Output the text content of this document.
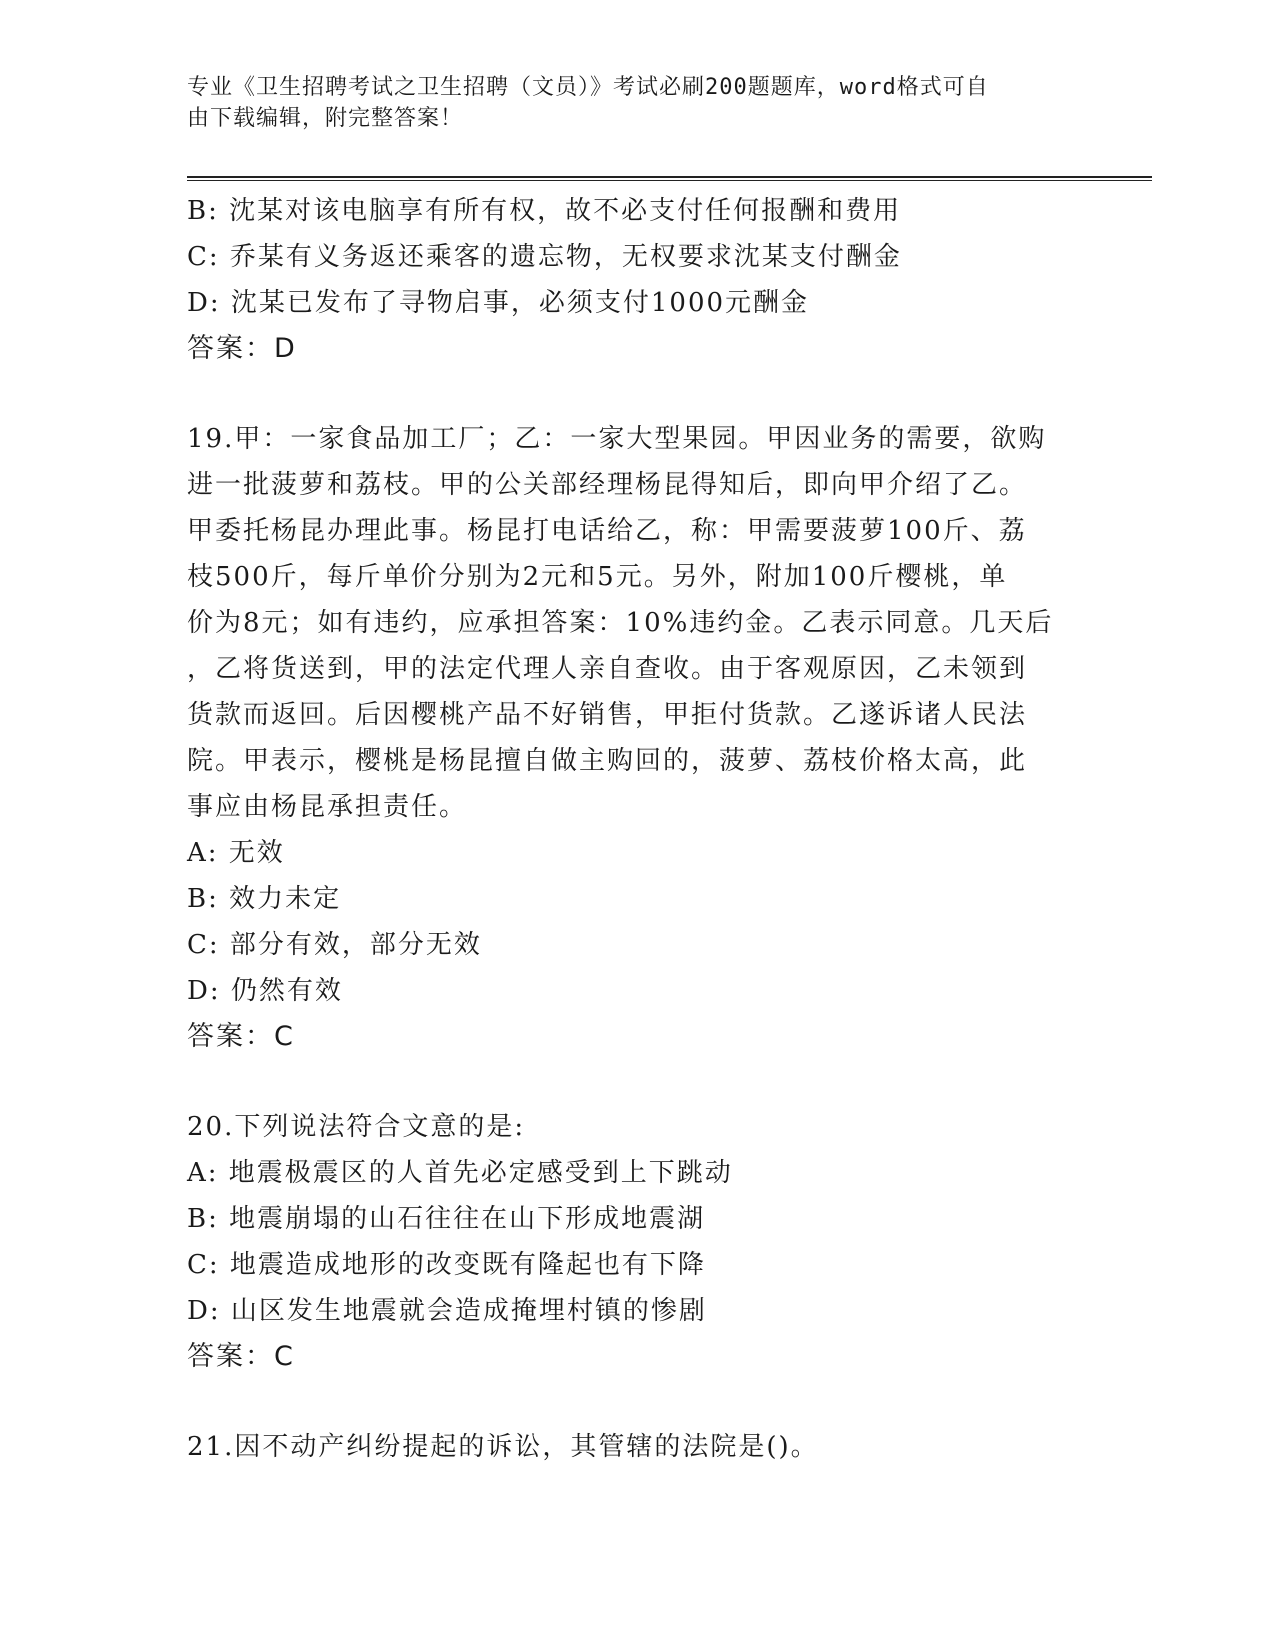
专业《卫生招聘考试之卫生招聘（文员）》考试必刷200题题库，word格式可自
由下载编辑，附完整答案！
B: 沈某对该电脑享有所有权，故不必支付任何报酬和费用
C: 乔某有义务返还乘客的遗忘物，无权要求沈某支付酬金
D: 沈某已发布了寻物启事，必须支付1000元酬金
答案：D
19.甲：一家食品加工厂；乙：一家大型果园。甲因业务的需要，欲购
进一批菠萝和荔枝。甲的公关部经理杨昆得知后，即向甲介绍了乙。
甲委托杨昆办理此事。杨昆打电话给乙，称：甲需要菠萝100斤、荔
枝500斤，每斤单价分别为2元和5元。另外，附加100斤樱桃，单
价为8元；如有违约，应承担答案：10%违约金。乙表示同意。几天后
，乙将货送到，甲的法定代理人亲自查收。由于客观原因，乙未领到
货款而返回。后因樱桃产品不好销售，甲拒付货款。乙遂诉诸人民法
院。甲表示，樱桃是杨昆擅自做主购回的，菠萝、荔枝价格太高，此
事应由杨昆承担责任。
A: 无效
B: 效力未定
C: 部分有效，部分无效
D: 仍然有效
答案：C
20.下列说法符合文意的是:
A: 地震极震区的人首先必定感受到上下跳动
B: 地震崩塌的山石往往在山下形成地震湖
C: 地震造成地形的改变既有隆起也有下降
D: 山区发生地震就会造成掩埋村镇的惨剧
答案：C
21.因不动产纠纷提起的诉讼，其管辖的法院是()。
